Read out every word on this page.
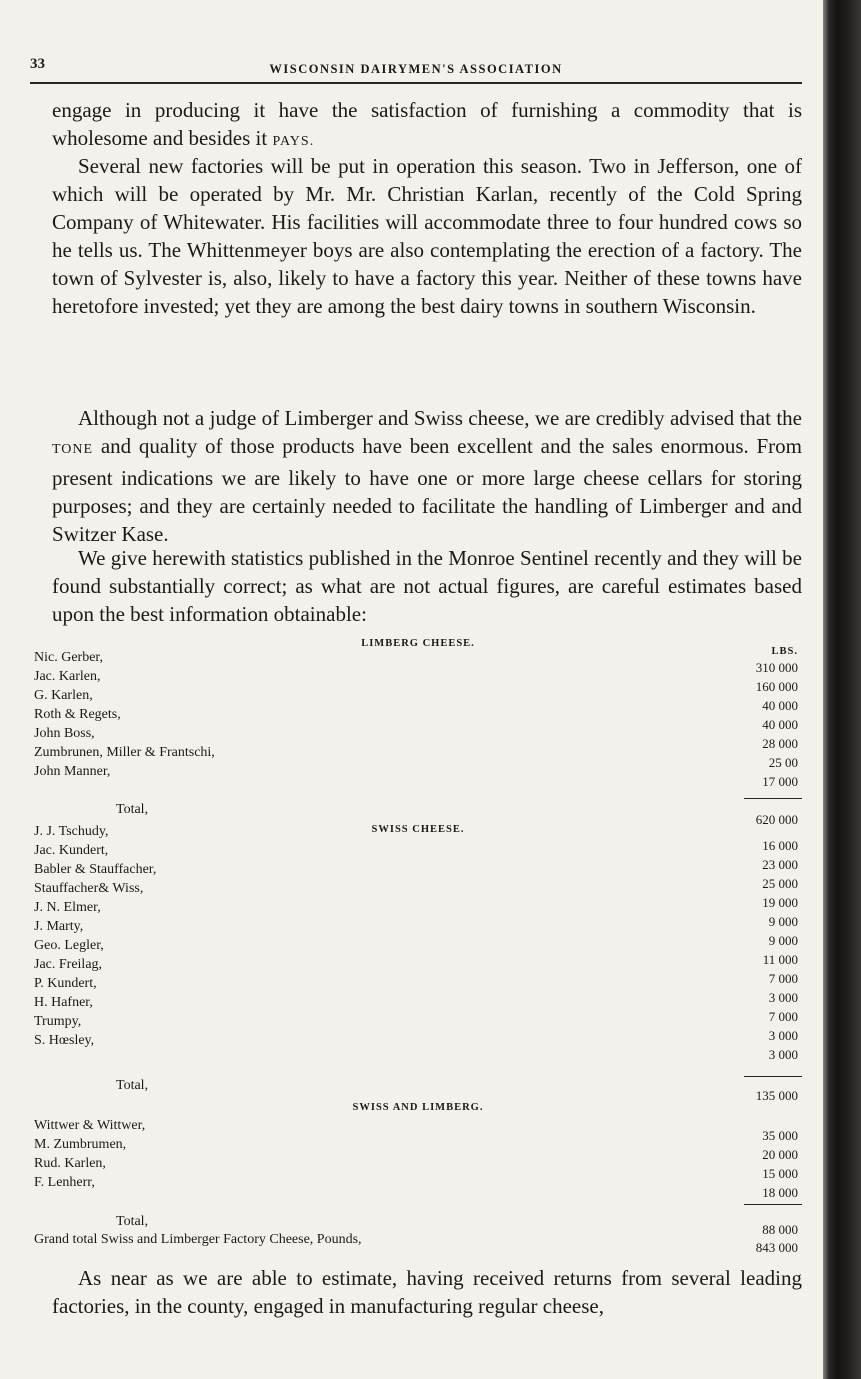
33	WISCONSIN DAIRYMEN'S ASSOCIATION

engage in producing it have the satisfaction of furnishing a commodity that is wholesome and besides it PAYS.

Several new factories will be put in operation this season. Two in Jefferson, one of which will be operated by Mr. Mr. Christian Karlan, recently of the Cold Spring Company of Whitewater. His facilities will accommodate three to four hundred cows so he tells us. The Whittenmeyer boys are also contemplating the erection of a factory. The town of Sylvester is, also, likely to have a factory this year. Neither of these towns have heretofore invested; yet they are among the best dairy towns in southern Wisconsin.

Although not a judge of Limberger and Swiss cheese, we are credibly advised that the TONE and quality of those products have been excellent and the sales enormous. From present indications we are likely to have one or more large cheese cellars for storing purposes; and they are certainly needed to facilitate the handling of Limberger and and Switzer Kase.

We give herewith statistics published in the Monroe Sentinel recently and they will be found substantially correct; as what are not actual figures, are careful estimates based upon the best information obtainable:

LIMBERG CHEESE.
LBS.
Nic. Gerber,
310 000
Jac. Karlen,
160 000
G. Karlen,
40 000
Roth & Regets,
40 000
John Boss,
28 000
Zumbrunen, Miller & Frantschi,
25 00
John Manner,
17 000
Total,
620 000
SWISS CHEESE.
J. J. Tschudy,
16 000
Jac. Kundert,
23 000
Babler & Stauffacher,
25 000
Stauffacher& Wiss,
19 000
J. N. Elmer,
9 000
J. Marty,
9 000
Geo. Legler,
11 000
Jac. Freilag,
7 000
P. Kundert,
3 000
H. Hafner,
7 000
Trumpy,
3 000
S. Hœsley,
3 000
Total,
135 000
SWISS AND LIMBERG.
Wittwer & Wittwer,
35 000
M. Zumbrumen,
20 000
Rud. Karlen,
15 000
F. Lenherr,
18 000
Total,
88 000
Grand total Swiss and Limberger Factory Cheese, Pounds,
843 000

As near as we are able to estimate, having received returns from several leading factories, in the county, engaged in manufacturing regular cheese,
